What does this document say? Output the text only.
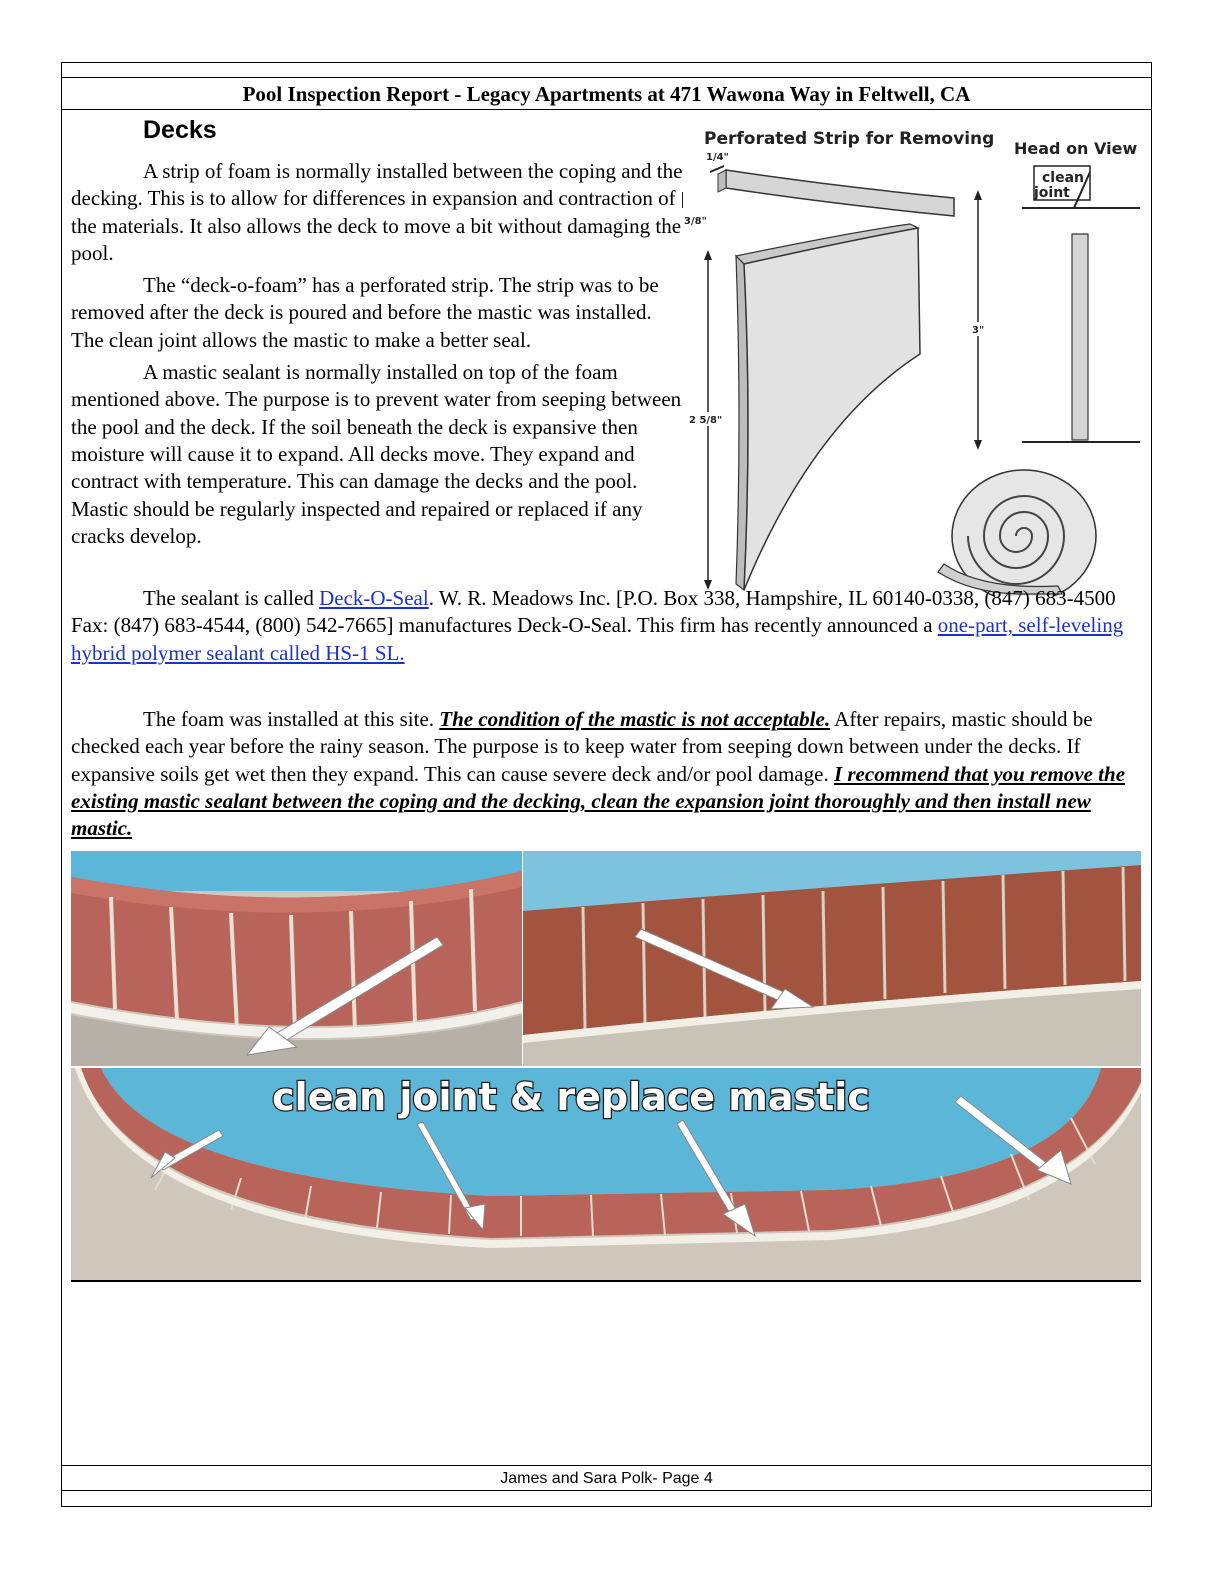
Pool Inspection Report - Legacy Apartments at 471 Wawona Way in Feltwell, CA
Decks

A strip of foam is normally installed between the coping and the decking. This is to allow for differences in expansion and contraction of the materials. It also allows the deck to move a bit without damaging the pool.

The “deck-o-foam” has a perforated strip. The strip was to be removed after the deck is poured and before the mastic was installed. The clean joint allows the mastic to make a better seal.

A mastic sealant is normally installed on top of the foam mentioned above. The purpose is to prevent water from seeping between the pool and the deck. If the soil beneath the deck is expansive then moisture will cause it to expand. All decks move. They expand and contract with temperature. This can damage the decks and the pool. Mastic should be regularly inspected and repaired or replaced if any cracks develop.

Perforated Strip for Removing Head on View
1/4"
3/8"
2 5/8"
3"
clean
joint

The sealant is called Deck-O-Seal. W. R. Meadows Inc. [P.O. Box 338, Hampshire, IL 60140-0338, (847) 683-4500 Fax: (847) 683-4544, (800) 542-7665] manufactures Deck-O-Seal. This firm has recently announced a one-part, self-leveling hybrid polymer sealant called HS-1 SL.

The foam was installed at this site. The condition of the mastic is not acceptable. After repairs, mastic should be checked each year before the rainy season. The purpose is to keep water from seeping down between under the decks. If expansive soils get wet then they expand. This can cause severe deck and/or pool damage. I recommend that you remove the existing mastic sealant between the coping and the decking, clean the expansion joint thoroughly and then install new mastic.

clean joint & replace mastic
James and Sara Polk- Page 4
